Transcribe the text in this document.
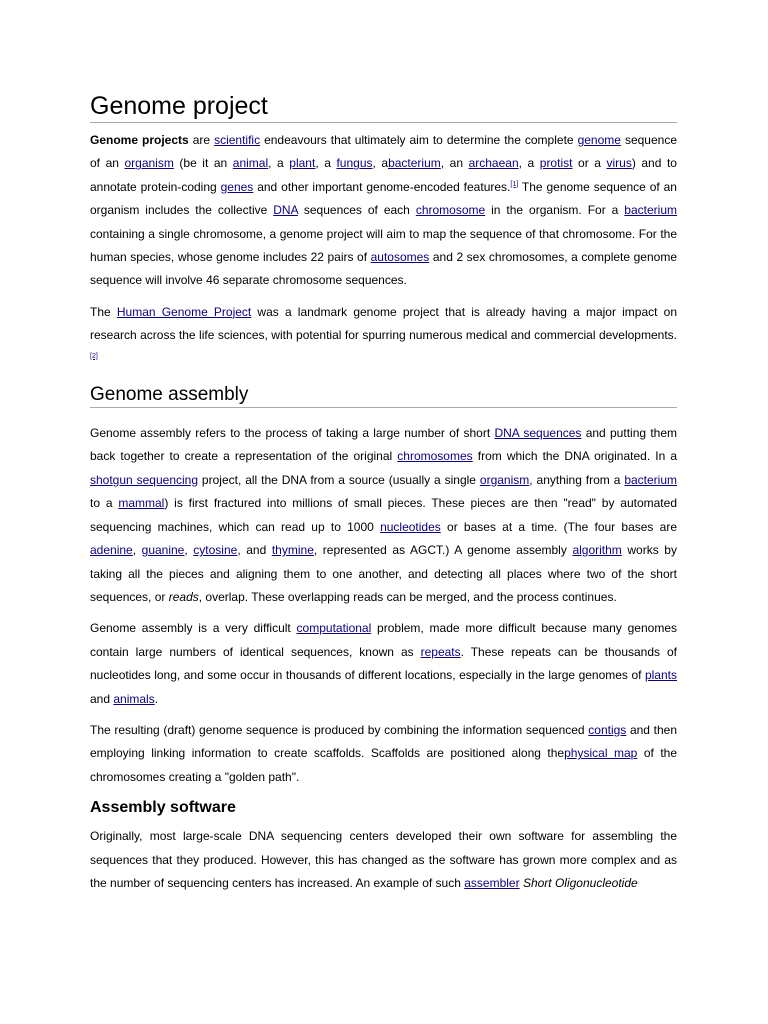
Genome project

Genome projects are scientific endeavours that ultimately aim to determine the complete genome sequence of an organism (be it an animal, a plant, a fungus, abacterium, an archaean, a protist or a virus) and to annotate protein-coding genes and other important genome-encoded features.[1] The genome sequence of an organism includes the collective DNA sequences of each chromosome in the organism. For a bacterium containing a single chromosome, a genome project will aim to map the sequence of that chromosome. For the human species, whose genome includes 22 pairs of autosomes and 2 sex chromosomes, a complete genome sequence will involve 46 separate chromosome sequences.

The Human Genome Project was a landmark genome project that is already having a major impact on research across the life sciences, with potential for spurring numerous medical and commercial developments.[2]

Genome assembly

Genome assembly refers to the process of taking a large number of short DNA sequences and putting them back together to create a representation of the original chromosomes from which the DNA originated. In a shotgun sequencing project, all the DNA from a source (usually a single organism, anything from a bacterium to a mammal) is first fractured into millions of small pieces. These pieces are then "read" by automated sequencing machines, which can read up to 1000 nucleotides or bases at a time. (The four bases are adenine, guanine, cytosine, and thymine, represented as AGCT.) A genome assembly algorithm works by taking all the pieces and aligning them to one another, and detecting all places where two of the short sequences, or reads, overlap. These overlapping reads can be merged, and the process continues.

Genome assembly is a very difficult computational problem, made more difficult because many genomes contain large numbers of identical sequences, known as repeats. These repeats can be thousands of nucleotides long, and some occur in thousands of different locations, especially in the large genomes of plants and animals.

The resulting (draft) genome sequence is produced by combining the information sequenced contigs and then employing linking information to create scaffolds. Scaffolds are positioned along thephysical map of the chromosomes creating a "golden path".

Assembly software

Originally, most large-scale DNA sequencing centers developed their own software for assembling the sequences that they produced. However, this has changed as the software has grown more complex and as the number of sequencing centers has increased. An example of such assembler Short Oligonucleotide
